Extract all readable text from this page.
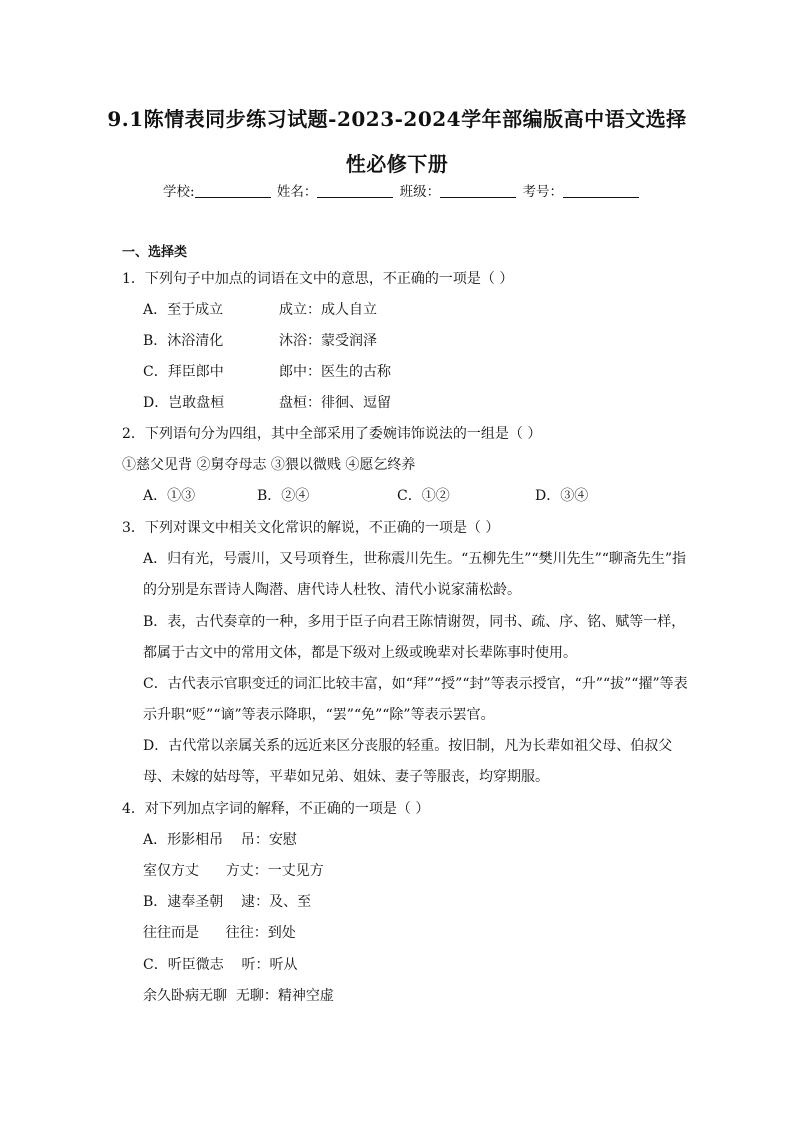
9.1陈情表同步练习试题-2023-2024学年部编版高中语文选择
性必修下册
学校:	姓名：	班级：	考号：
一、选择类
1．下列句子中加点的词语在文中的意思，不正确的一项是（ ）
A．至于成立	成立：成人自立
B．沐浴清化	沐浴：蒙受润泽
C．拜臣郎中	郎中：医生的古称
D．岂敢盘桓	盘桓：徘徊、逗留
2．下列语句分为四组，其中全部采用了委婉讳饰说法的一组是（ ）
①慈父见背 ②舅夺母志 ③猥以微贱 ④愿乞终养
A．①③	B．②④	C．①②	D．③④
3．下列对课文中相关文化常识的解说，不正确的一项是（ ）
A．归有光，号震川，又号项脊生，世称震川先生。“五柳先生”“樊川先生”“聊斋先生”指
的分别是东晋诗人陶潜、唐代诗人杜牧、清代小说家蒲松龄。
B．表，古代奏章的一种，多用于臣子向君王陈情谢贺，同书、疏、序、铭、赋等一样，
都属于古文中的常用文体，都是下级对上级或晚辈对长辈陈事时使用。
C．古代表示官职变迁的词汇比较丰富，如“拜”“授”“封”等表示授官，“升”“拔”“擢”等表
示升职“贬”“谪”等表示降职，“罢”“免”“除”等表示罢官。
D．古代常以亲属关系的远近来区分丧服的轻重。按旧制，凡为长辈如祖父母、伯叔父
母、未嫁的姑母等，平辈如兄弟、姐妹、妻子等服丧，均穿期服。
4．对下列加点字词的解释，不正确的一项是（ ）
A．形影相吊    吊：安慰
室仅方丈      方丈：一丈见方
B．逮奉圣朝    逮：及、至
往往而是      往往：到处
C．听臣微志    听：听从
余久卧病无聊  无聊：精神空虚
